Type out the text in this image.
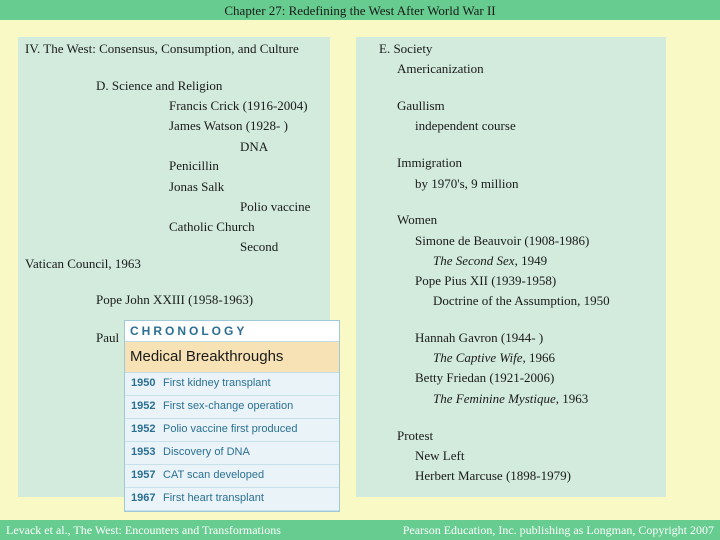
Chapter 27: Redefining the West After World War II
IV. The West: Consensus, Consumption, and Culture
D. Science and Religion
Francis Crick (1916-2004)
James Watson (1928- )
DNA
Penicillin
Jonas Salk
Polio vaccine
Catholic Church
Second
Vatican Council, 1963
Pope John XXIII (1958-1963)
Paul CHRONOLOGY
Medical Breakthroughs
1950 First kidney transplant
1952 First sex-change operation
1952 Polio vaccine first produced
1953 Discovery of DNA
1957 CAT scan developed
1967 First heart transplant
E. Society
Americanization
Gaullism
independent course
Immigration
by 1970's, 9 million
Women
Simone de Beauvoir (1908-1986)
The Second Sex, 1949
Pope Pius XII (1939-1958)
Doctrine of the Assumption, 1950
Hannah Gavron (1944- )
The Captive Wife, 1966
Betty Friedan (1921-2006)
The Feminine Mystique, 1963
Protest
New Left
Herbert Marcuse (1898-1979)
Levack et al., The West: Encounters and Transformations	Pearson Education, Inc. publishing as Longman, Copyright 2007
